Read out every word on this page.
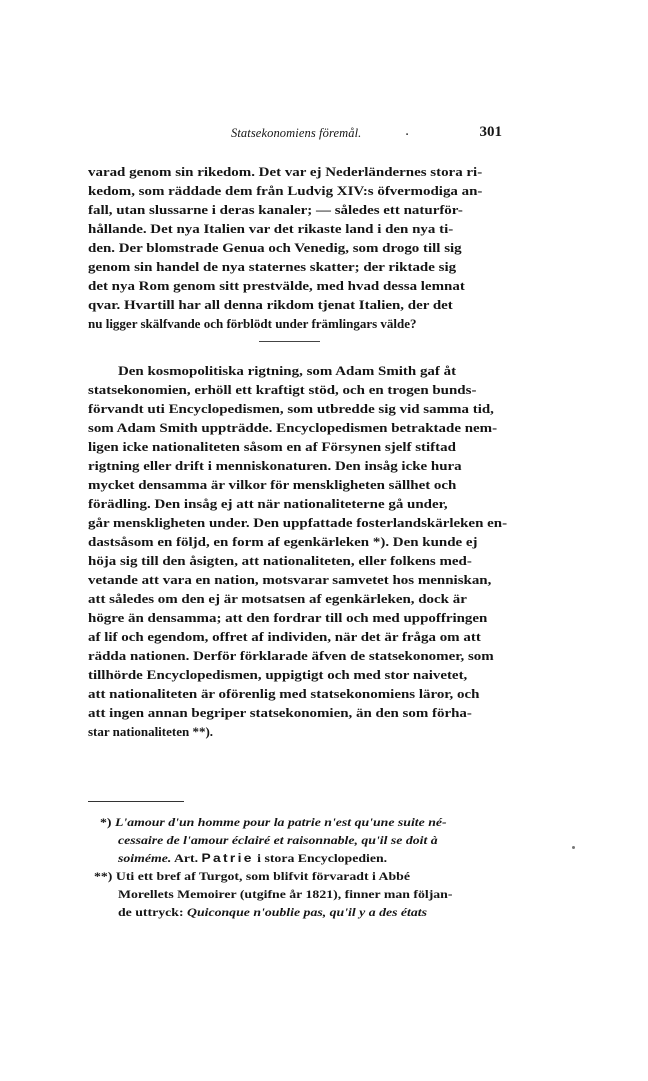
Statsekonomiens föremål.	.	301
varad genom sin rikedom. Det var ej Nederländernes stora ri-
kedom, som räddade dem från Ludvig XIV:s öfvermodiga an-
fall, utan slussarne i deras kanaler; — således ett naturför-
hållande. Det nya Italien var det rikaste land i den nya ti-
den. Der blomstrade Genua och Venedig, som drogo till sig
genom sin handel de nya staternes skatter; der riktade sig
det nya Rom genom sitt prestvälde, med hvad dessa lemnat
qvar. Hvartill har all denna rikdom tjenat Italien, der det
nu ligger skälfvande och förblödt under främlingars välde?
Den kosmopolitiska rigtning, som Adam Smith gaf åt
statsekonomien, erhöll ett kraftigt stöd, och en trogen bunds-
förvandt uti Encyclopedismen, som utbredde sig vid samma tid,
som Adam Smith uppträdde. Encyclopedismen betraktade nem-
ligen icke nationaliteten såsom en af Försynen sjelf stiftad
rigtning eller drift i menniskonaturen. Den insåg icke hura
mycket densamma är vilkor för menskligheten sällhet och
förädling. Den insåg ej att när nationaliteterne gå under,
går menskligheten under. Den uppfattade fosterlandskärleken en-
dastsåsom en följd, en form af egenkärleken *). Den kunde ej
höja sig till den åsigten, att nationaliteten, eller folkens med-
vetande att vara en nation, motsvarar samvetet hos menniskan,
att således om den ej är motsatsen af egenkärleken, dock är
högre än densamma; att den fordrar till och med uppoffringen
af lif och egendom, offret af individen, när det är fråga om att
rädda nationen. Derför förklarade äfven de statsekonomer, som
tillhörde Encyclopedismen, uppigtigt och med stor naivetet,
att nationaliteten är oförenlig med statsekonomiens läror, och
att ingen annan begriper statsekonomien, än den som förha-
star nationaliteten **).
*) L'amour d'un homme pour la patrie n'est qu'une suite né-
cessaire de l'amour éclairé et raisonnable, qu'il se doit à
soiméme. Art. Patrie i stora Encyclopedien.
**) Uti ett bref af Turgot, som blifvit förvaradt i Abbé
Morellets Memoirer (utgifne år 1821), finner man följan-
de uttryck: Quiconque n'oublie pas, qu'il y a des états
